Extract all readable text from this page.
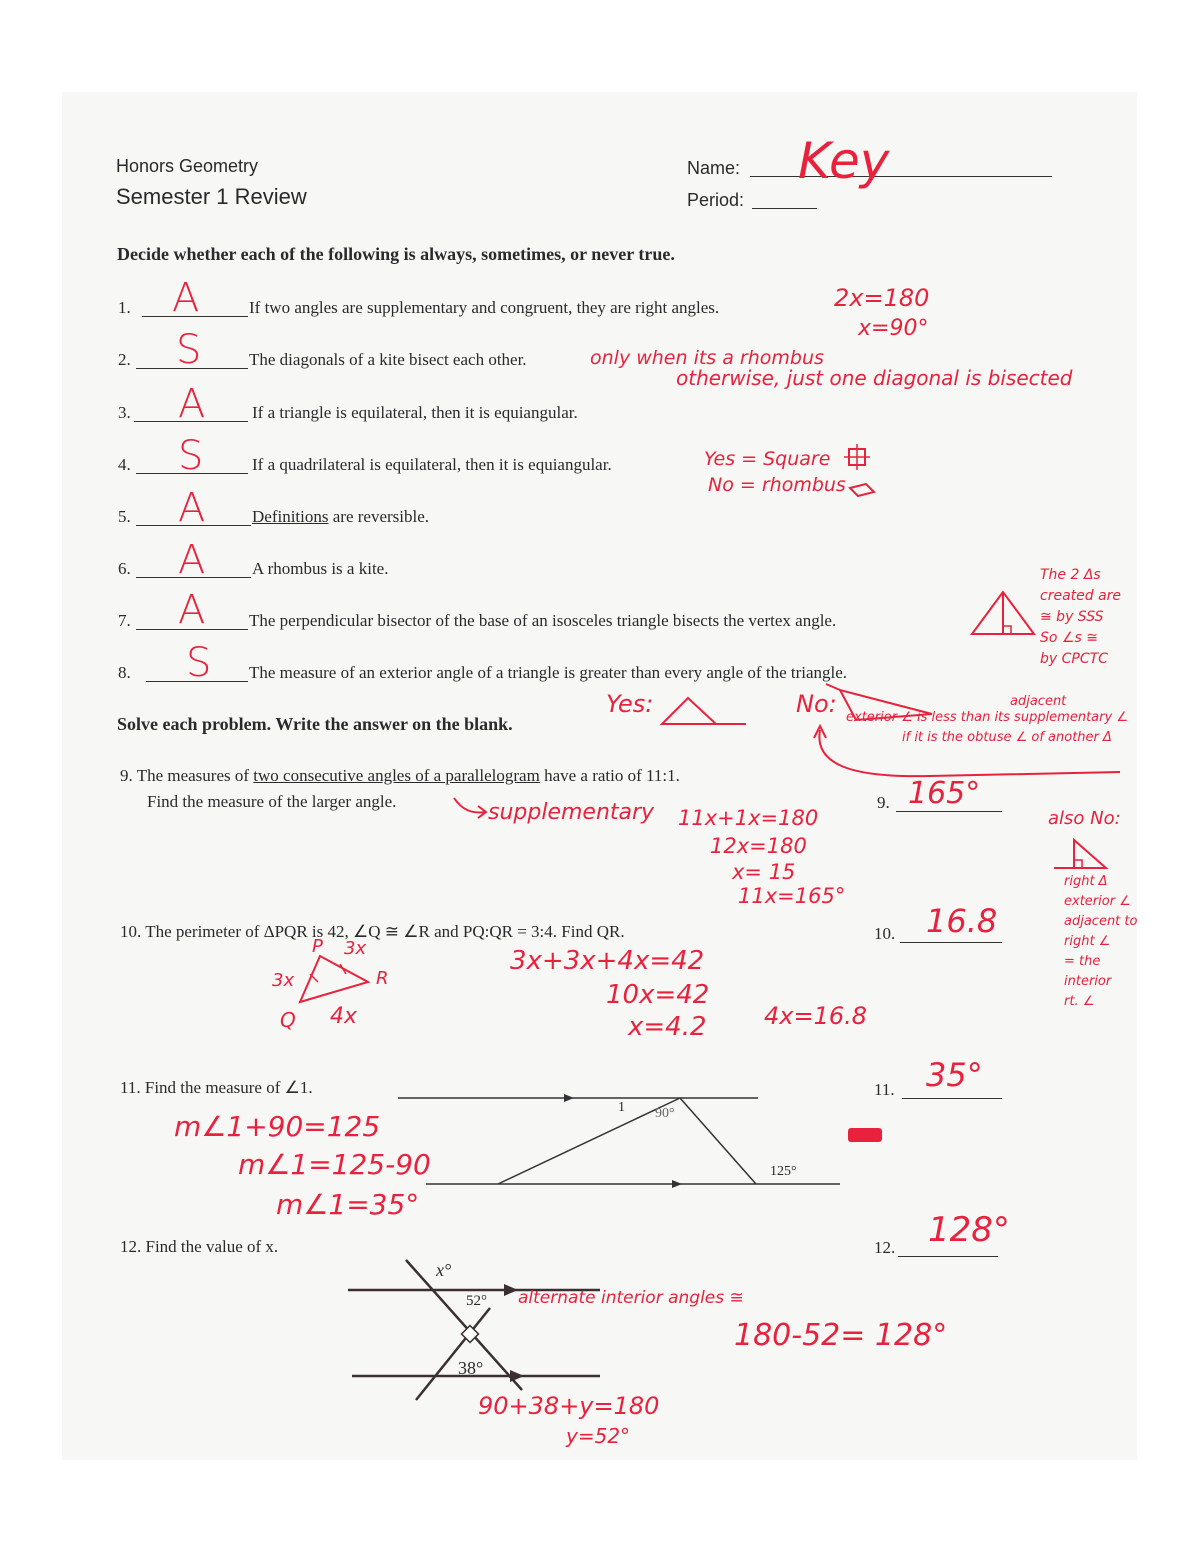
Honors Geometry
Semester 1 Review
Name: Key
Period:
Decide whether each of the following is always, sometimes, or never true.
1. A	If two angles are supplementary and congruent, they are right angles.
2. S	The diagonals of a kite bisect each other.
3. A	If a triangle is equilateral, then it is equiangular.
4. S	If a quadrilateral is equilateral, then it is equiangular.
5. A	Definitions are reversible.
6. A	A rhombus is a kite.
7. A	The perpendicular bisector of the base of an isosceles triangle bisects the vertex angle.
8. S The measure of an exterior angle of a triangle is greater than every angle of the triangle.
2x=180
x=90°
only when its a rhombus
otherwise, just one diagonal is bisected
Yes = Square
No = rhombus
The 2 Δs
created are
≅ by SSS
So ∠s ≅
by CPCTC
Yes:	No:	adjacent
exterior ∠ is less than its supplementary ∠
if it is the obtuse ∠ of another Δ
Solve each problem. Write the answer on the blank.
9. The measures of two consecutive angles of a parallelogram have a ratio of 11:1.
Find the measure of the larger angle.	supplementary 11x+1x=180
12x=180
x= 15
11x=165°
9. 165°
also No:
right Δ
exterior ∠
adjacent to
right ∠
= the
interior
rt. ∠
10. The perimeter of ΔPQR is 42, ∠Q ≅ ∠R and PQ:QR = 3:4. Find QR.
P 3x
3x	R
Q 4x
3x+3x+4x=42
10x=42
x=4.2 4x=16.8
10. 16.8
11. Find the measure of ∠1.
1 90°
125°
m∠1+90=125
m∠1=125-90
m∠1=35°
11. 35°
12. Find the value of x.
x°
52°
38°
alternate interior angles ≅
90+38+y=180
y=52°
180-52= 128°
12. 128°
